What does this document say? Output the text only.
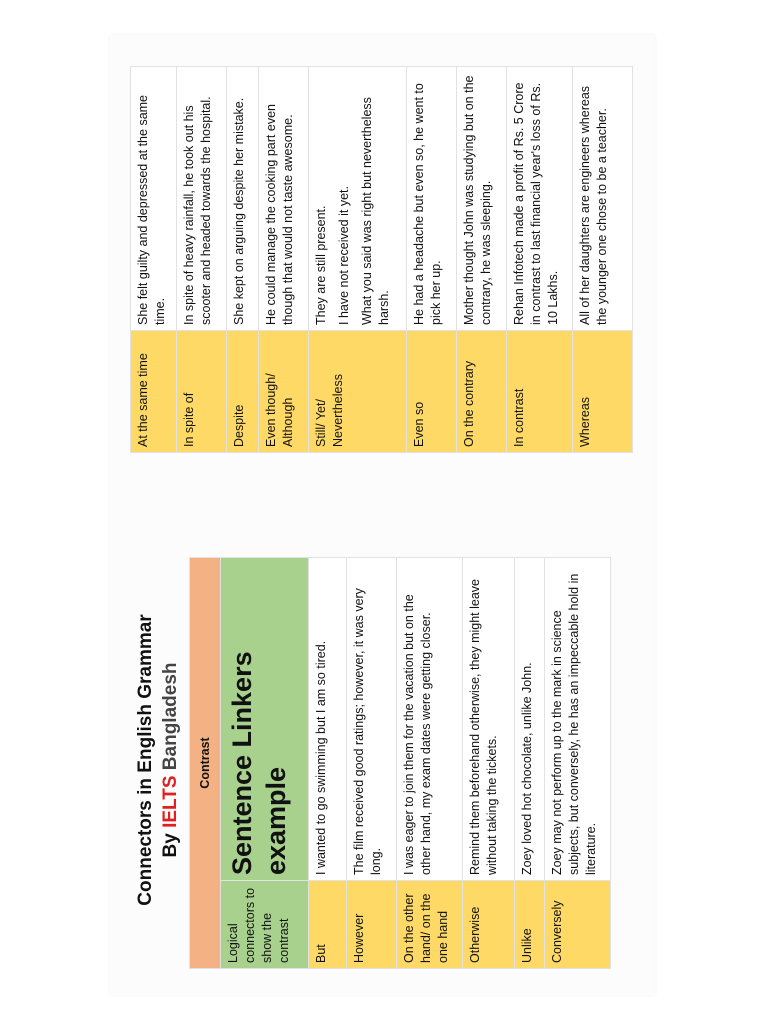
Connectors in English Grammar By IELTS Bangladesh Contrast	
Logical connectors to show the contrast	Sentence Linkers example
But	I wanted to go swimming but I am so tired.
However	The film received good ratings; however, it was very long.
On the other hand/ on the one hand	I was eager to join them for the vacation but on the other hand, my exam dates were getting closer.
Otherwise	Remind them beforehand otherwise, they might leave without taking the tickets.
Unlike	Zoey loved hot chocolate, unlike John.
Conversely	Zoey may not perform up to the mark in science subjects, but conversely, he has an impeccable hold in literature.
At the same time	She felt guilty and depressed at the same time.

In spite of	In spite of heavy rainfall, he took out his scooter and headed towards the hospital.

Despite	She kept on arguing despite her mistake.

Even though/ Although	He could manage the cooking part even though that would not taste awesome.

Still/ Yet/ Nevertheless	They are still present. I have not received it yet. What you said was right but nevertheless harsh.

Even so	He had a headache but even so, he went to pick her up.

On the contrary	Mother thought John was studying but on the contrary, he was sleeping.

In contrast	Rehan Infotech made a profit of Rs. 5 Crore in contrast to last financial year's loss of Rs. 10 Lakhs.

Whereas	All of her daughters are engineers whereas the younger one chose to be a teacher.
